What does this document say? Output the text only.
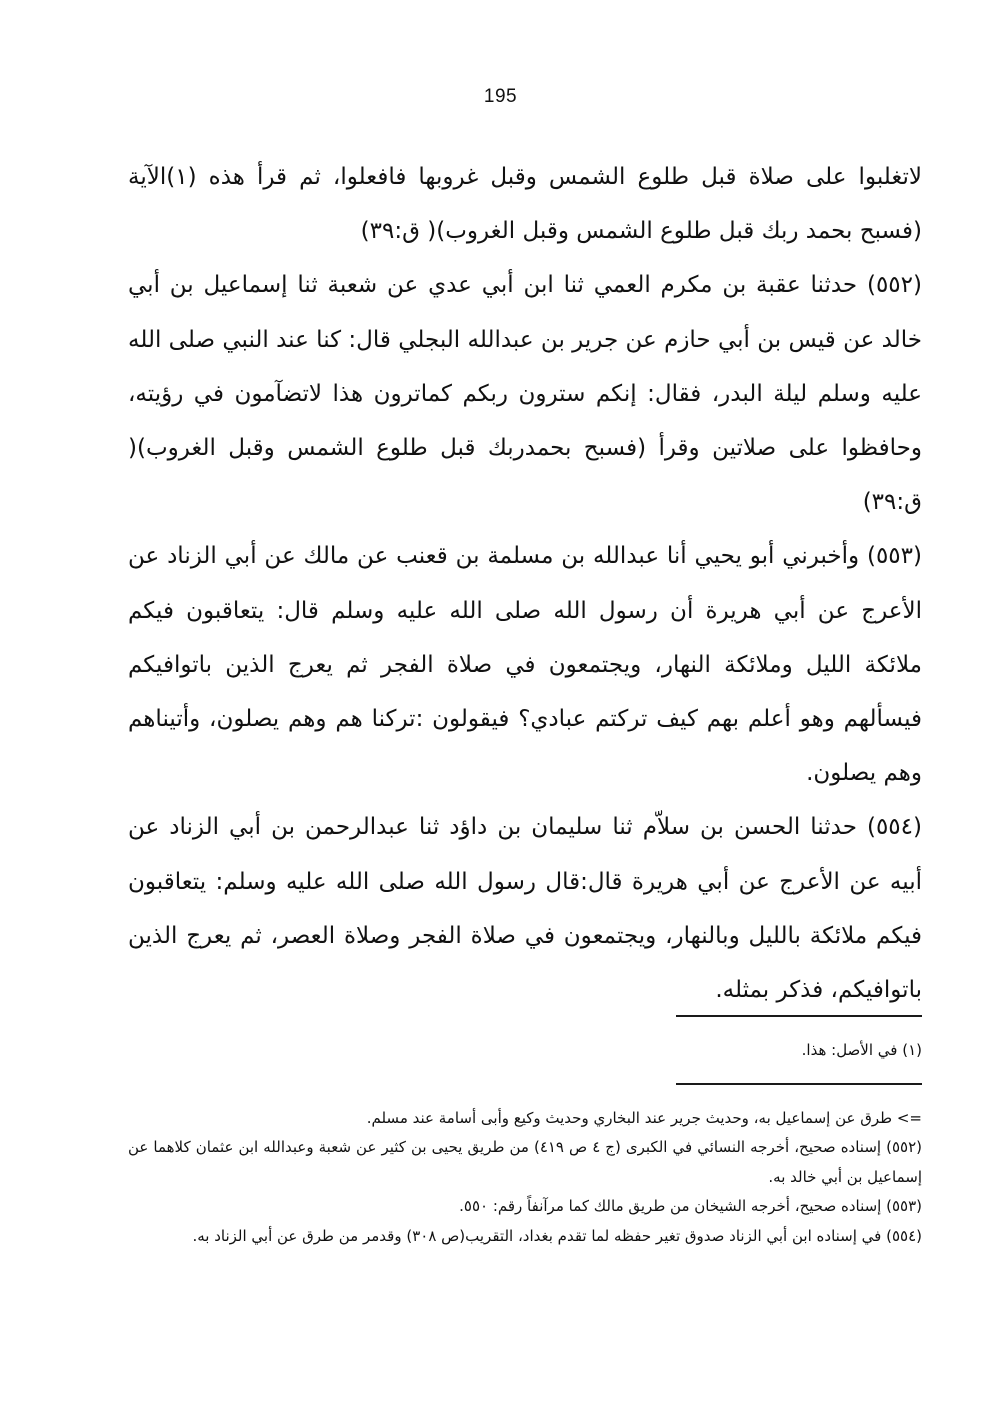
195

لاتغلبوا على صلاة قبل طلوع الشمس وقبل غروبها فافعلوا، ثم قرأ هذه (١)الآية (فسبح بحمد ربك قبل طلوع الشمس وقبل الغروب)( ق:٣٩)

(٥٥٢) حدثنا عقبة بن مكرم العمي ثنا ابن أبي عدي عن شعبة ثنا إسماعيل بن أبي خالد عن قيس بن أبي حازم عن جرير بن عبدالله البجلي قال: كنا عند النبي صلى الله عليه وسلم ليلة البدر، فقال: إنكم سترون ربكم كماترون هذا لاتضآمون في رؤيته، وحافظوا على صلاتين وقرأ (فسبح بحمدربك قبل طلوع الشمس وقبل الغروب)( ق:٣٩)

(٥٥٣) وأخبرني أبو يحيي أنا عبدالله بن مسلمة بن قعنب عن مالك عن أبي الزناد عن الأعرج عن أبي هريرة أن رسول الله صلى الله عليه وسلم قال: يتعاقبون فيكم ملائكة الليل وملائكة النهار، ويجتمعون في صلاة الفجر ثم يعرج الذين باتوافيكم فيسألهم وهو أعلم بهم كيف تركتم عبادي؟ فيقولون :تركنا هم وهم يصلون، وأتيناهم وهم يصلون.

(٥٥٤) حدثنا الحسن بن سلاّم ثنا سليمان بن داؤد ثنا عبدالرحمن بن أبي الزناد عن أبيه عن الأعرج عن أبي هريرة قال:قال رسول الله صلى الله عليه وسلم: يتعاقبون فيكم ملائكة بالليل وبالنهار، ويجتمعون في صلاة الفجر وصلاة العصر، ثم يعرج الذين باتوافيكم، فذكر بمثله.

(١) في الأصل: هذا.

=> طرق عن إسماعيل به، وحديث جرير عند البخاري وحديث وكيع وأبى أسامة عند مسلم.

(٥٥٢) إسناده صحيح، أخرجه النسائي في الكبرى (ج ٤ ص ٤١٩) من طريق يحيى بن كثير عن شعبة وعبدالله ابن عثمان كلاهما عن إسماعيل بن أبي خالد به.

(٥٥٣) إسناده صحيح، أخرجه الشيخان من طريق مالك كما مرآنفاً رقم: ٥٥٠.

(٥٥٤) في إسناده ابن أبي الزناد صدوق تغير حفظه لما تقدم بغداد، التقريب(ص ٣٠٨) وقدمر من طرق عن أبي الزناد به.
